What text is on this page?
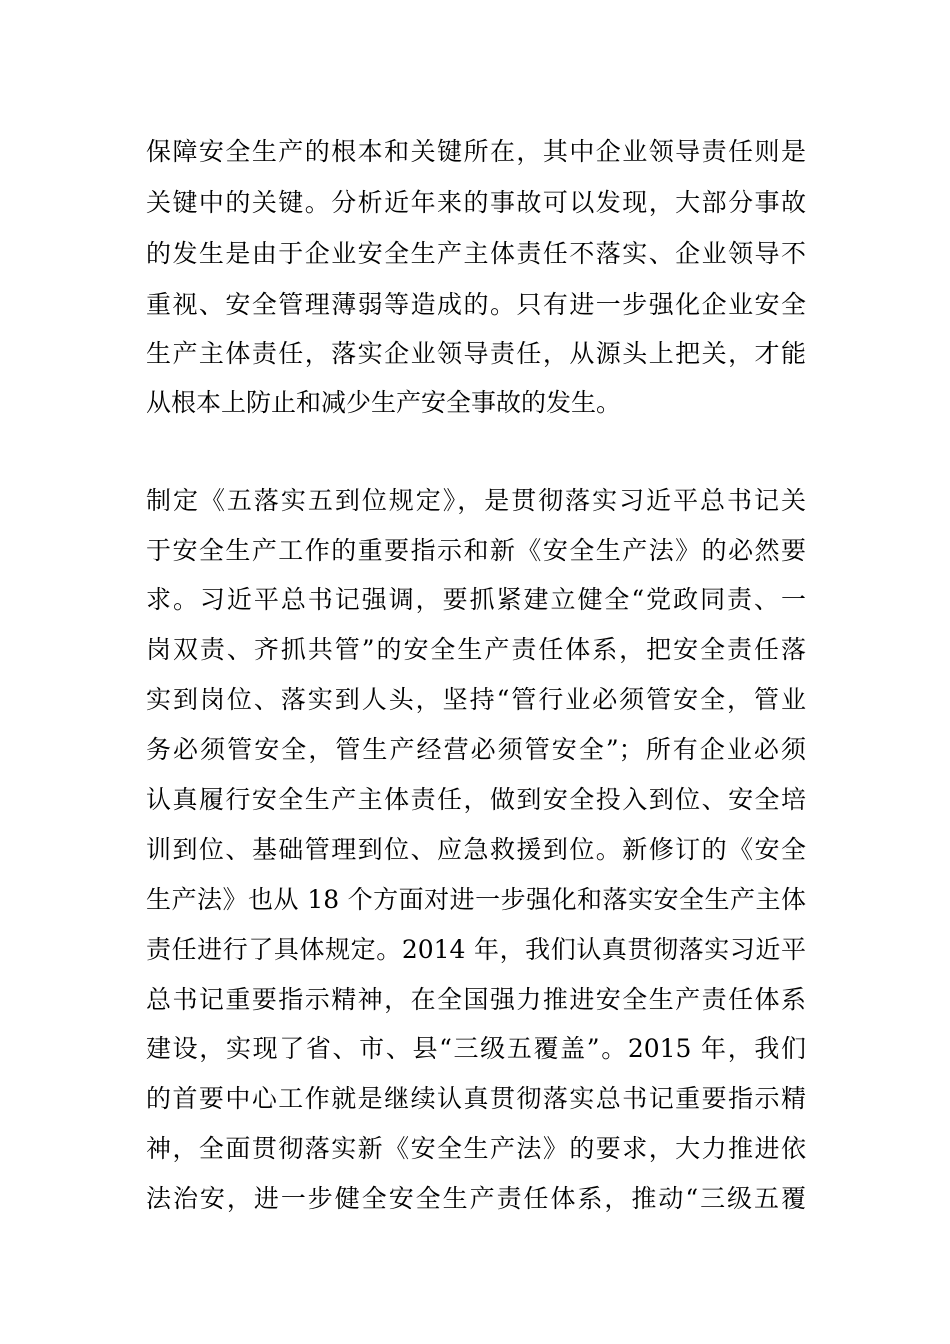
保障安全生产的根本和关键所在，其中企业领导责任则是
关键中的关键。分析近年来的事故可以发现，大部分事故
的发生是由于企业安全生产主体责任不落实、企业领导不
重视、安全管理薄弱等造成的。只有进一步强化企业安全
生产主体责任，落实企业领导责任，从源头上把关，才能
从根本上防止和减少生产安全事故的发生。
制定《五落实五到位规定》，是贯彻落实习近平总书记关
于安全生产工作的重要指示和新《安全生产法》的必然要
求。习近平总书记强调，要抓紧建立健全“党政同责、一
岗双责、齐抓共管”的安全生产责任体系，把安全责任落
实到岗位、落实到人头，坚持“管行业必须管安全，管业
务必须管安全，管生产经营必须管安全”；所有企业必须
认真履行安全生产主体责任，做到安全投入到位、安全培
训到位、基础管理到位、应急救援到位。新修订的《安全
生产法》也从 18 个方面对进一步强化和落实安全生产主体
责任进行了具体规定。2014 年，我们认真贯彻落实习近平
总书记重要指示精神，在全国强力推进安全生产责任体系
建设，实现了省、市、县“三级五覆盖”。2015 年，我们
的首要中心工作就是继续认真贯彻落实总书记重要指示精
神，全面贯彻落实新《安全生产法》的要求，大力推进依
法治安，进一步健全安全生产责任体系，推动“三级五覆
